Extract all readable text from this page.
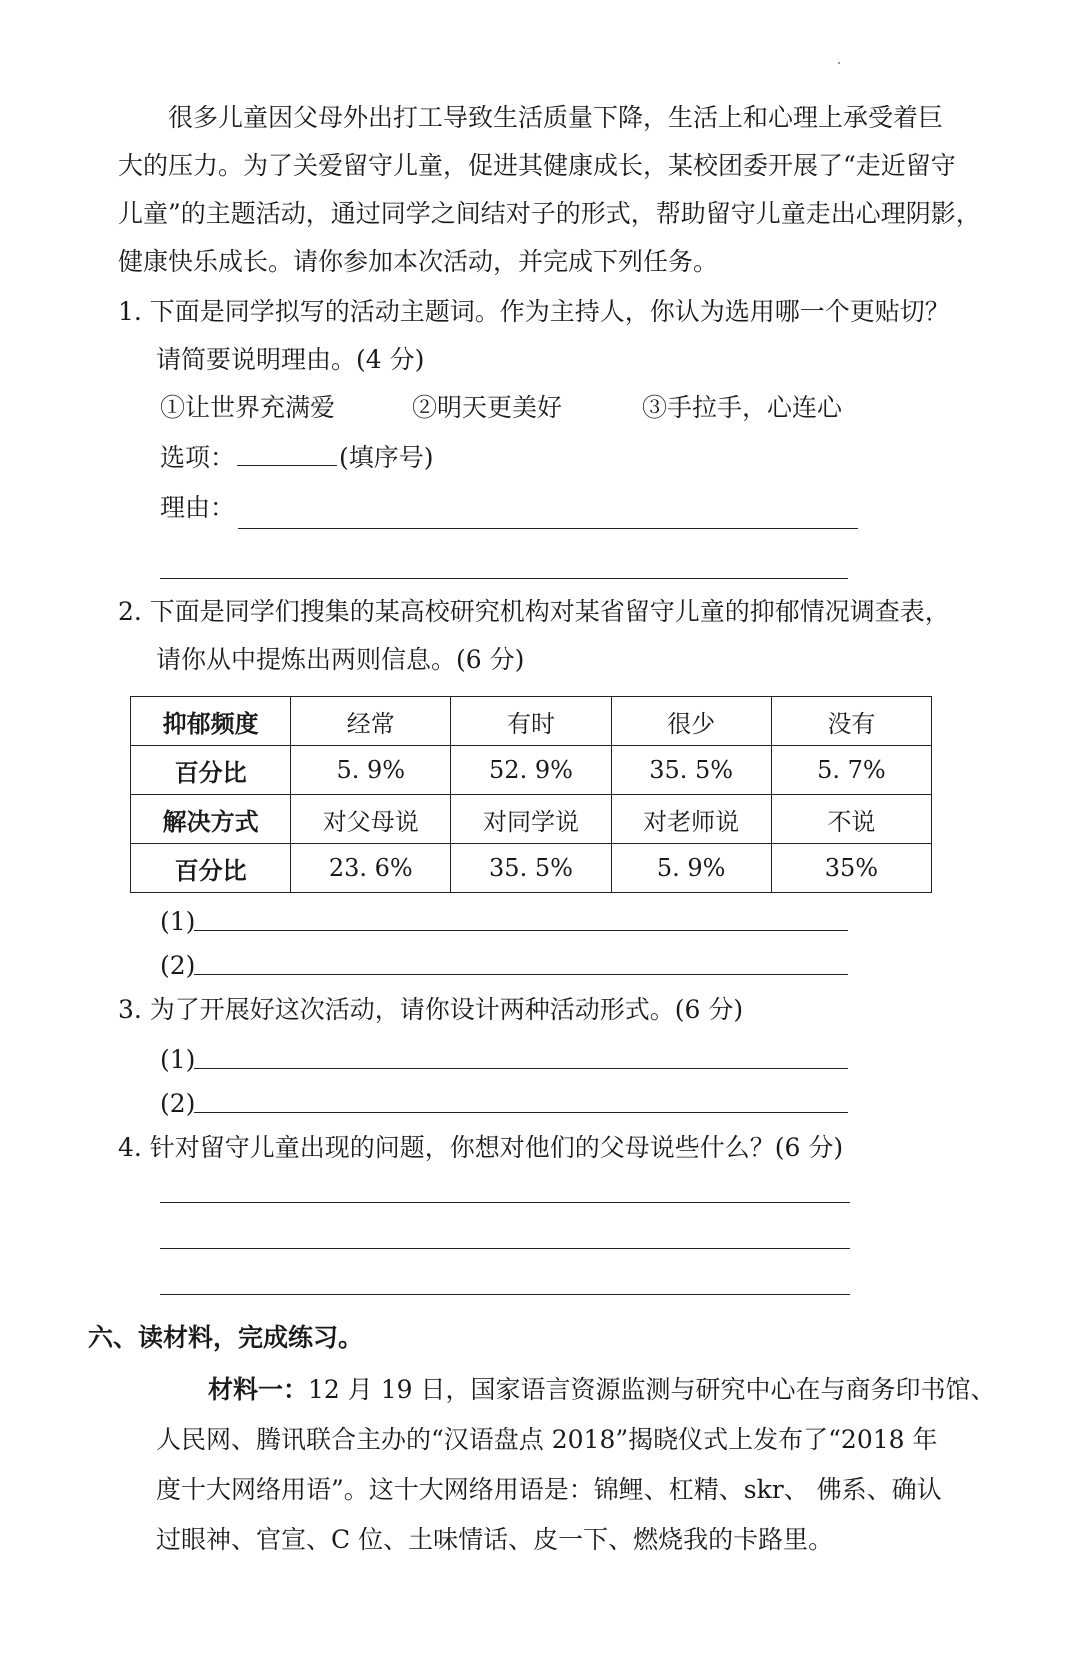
很多儿童因父母外出打工导致生活质量下降，生活上和心理上承受着巨
大的压力。为了关爱留守儿童，促进其健康成长，某校团委开展了“走近留守
儿童”的主题活动，通过同学之间结对子的形式，帮助留守儿童走出心理阴影，
健康快乐成长。请你参加本次活动，并完成下列任务。
1. 下面是同学拟写的活动主题词。作为主持人，你认为选用哪一个更贴切？
请简要说明理由。(4 分)
①让世界充满爱	②明天更美好	③手拉手，心连心
选项：	(填序号)
理由：
2. 下面是同学们搜集的某高校研究机构对某省留守儿童的抑郁情况调查表，
请你从中提炼出两则信息。(6 分)
抑郁频度	经常	有时	很少	没有
百分比	5. 9%	52. 9%	35. 5%	5. 7%
解决方式	对父母说	对同学说	对老师说	不说
百分比	23. 6%	35. 5%	5. 9%	35%
(1)
(2)
3. 为了开展好这次活动，请你设计两种活动形式。(6 分)
(1)
(2)
4. 针对留守儿童出现的问题，你想对他们的父母说些什么？(6 分)
六、读材料，完成练习。
材料一：12 月 19 日，国家语言资源监测与研究中心在与商务印书馆、
人民网、腾讯联合主办的“汉语盘点 2018”揭晓仪式上发布了“2018 年
度十大网络用语”。这十大网络用语是：锦鲤、杠精、skr、 佛系、确认
过眼神、官宣、C 位、土味情话、皮一下、燃烧我的卡路里。
